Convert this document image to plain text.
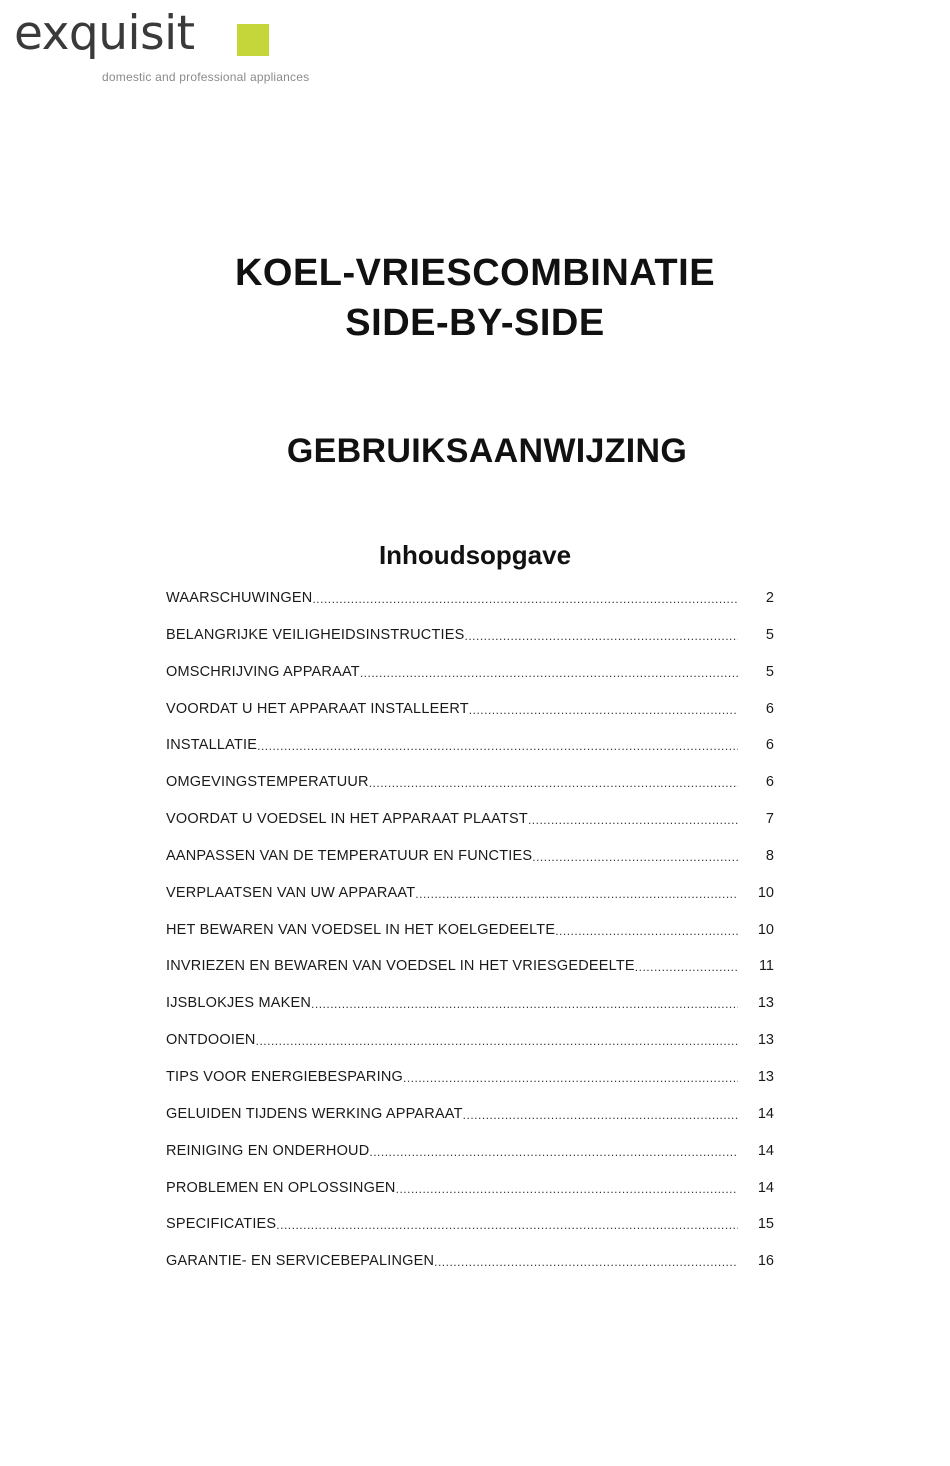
exquisit
domestic and professional appliances
KOEL-VRIESCOMBINATIE
SIDE-BY-SIDE
GEBRUIKSAANWIJZING
Inhoudsopgave
WAARSCHUWINGEN .....	2
BELANGRIJKE VEILIGHEIDSINSTRUCTIES .....	5
OMSCHRIJVING APPARAAT .....	5
VOORDAT U HET APPARAAT INSTALLEERT .....	6
INSTALLATIE .....	6
OMGEVINGSTEMPERATUUR .....	6
VOORDAT U VOEDSEL IN HET APPARAAT PLAATST .....	7
AANPASSEN VAN DE TEMPERATUUR EN FUNCTIES .....	8
VERPLAATSEN VAN UW APPARAAT .....	10
HET BEWAREN VAN VOEDSEL IN HET KOELGEDEELTE .....	10
INVRIEZEN EN BEWAREN VAN VOEDSEL IN HET VRIESGEDEELTE .....	11
IJSBLOKJES MAKEN .....	13
ONTDOOIEN .....	13
TIPS VOOR ENERGIEBESPARING .....	13
GELUIDEN TIJDENS WERKING APPARAAT .....	14
REINIGING EN ONDERHOUD .....	14
PROBLEMEN EN OPLOSSINGEN .....	14
SPECIFICATIES .....	15
GARANTIE- EN SERVICEBEPALINGEN .....	16
